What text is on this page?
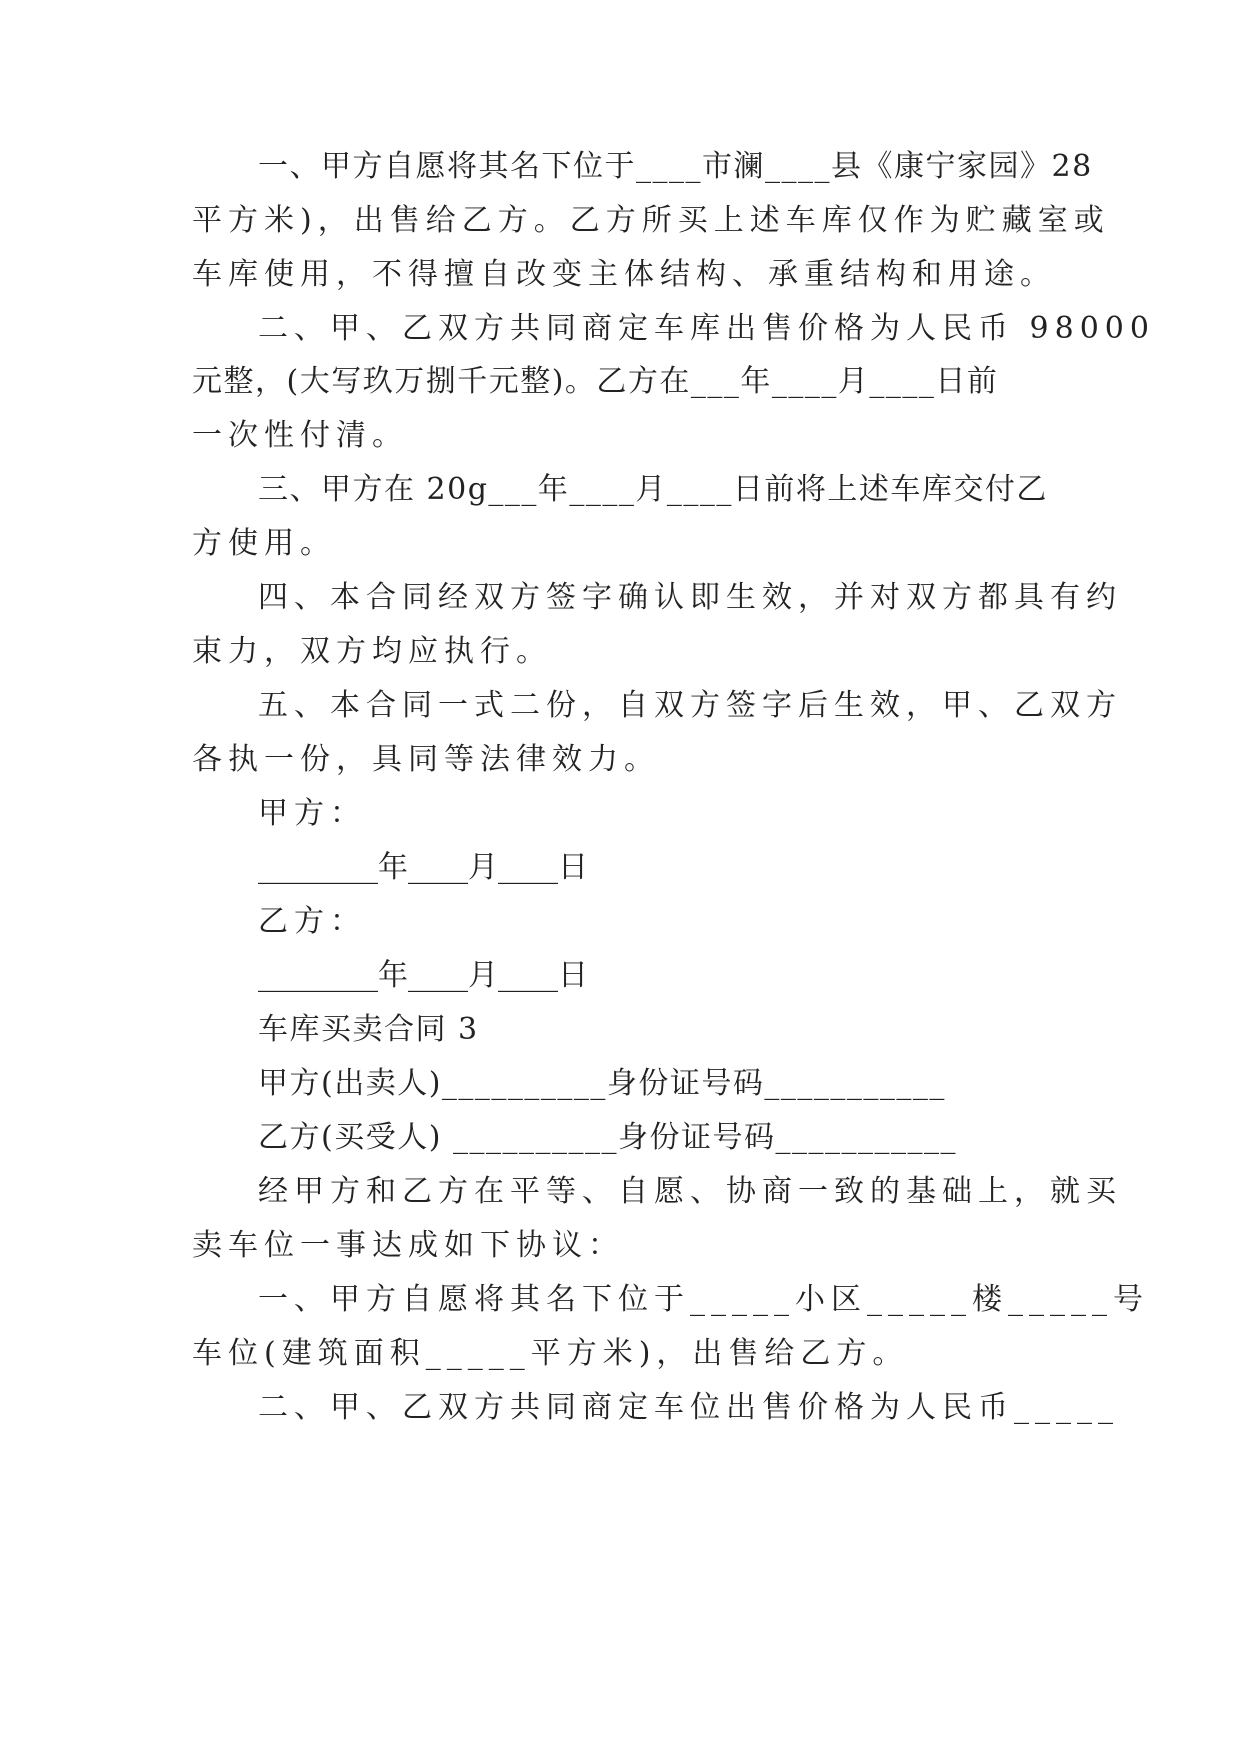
一、甲方自愿将其名下位于____市澜____县《康宁家园》28
平方米)，出售给乙方。乙方所买上述车库仅作为贮藏室或
车库使用，不得擅自改变主体结构、承重结构和用途。
二、甲、乙双方共同商定车库出售价格为人民币 98000
元整，(大写玖万捌千元整)。乙方在___年____月____日前
一次性付清。
三、甲方在 20g___年____月____日前将上述车库交付乙
方使用。
四、本合同经双方签字确认即生效，并对双方都具有约
束力，双方均应执行。
五、本合同一式二份，自双方签字后生效，甲、乙双方
各执一份，具同等法律效力。
甲方：
________年____月____日
乙方：
________年____月____日
车库买卖合同 3
甲方(出卖人)__________身份证号码___________
乙方(买受人) __________身份证号码___________
经甲方和乙方在平等、自愿、协商一致的基础上，就买
卖车位一事达成如下协议：
一、甲方自愿将其名下位于_____小区_____楼_____号
车位(建筑面积_____平方米)，出售给乙方。
二、甲、乙双方共同商定车位出售价格为人民币_____
